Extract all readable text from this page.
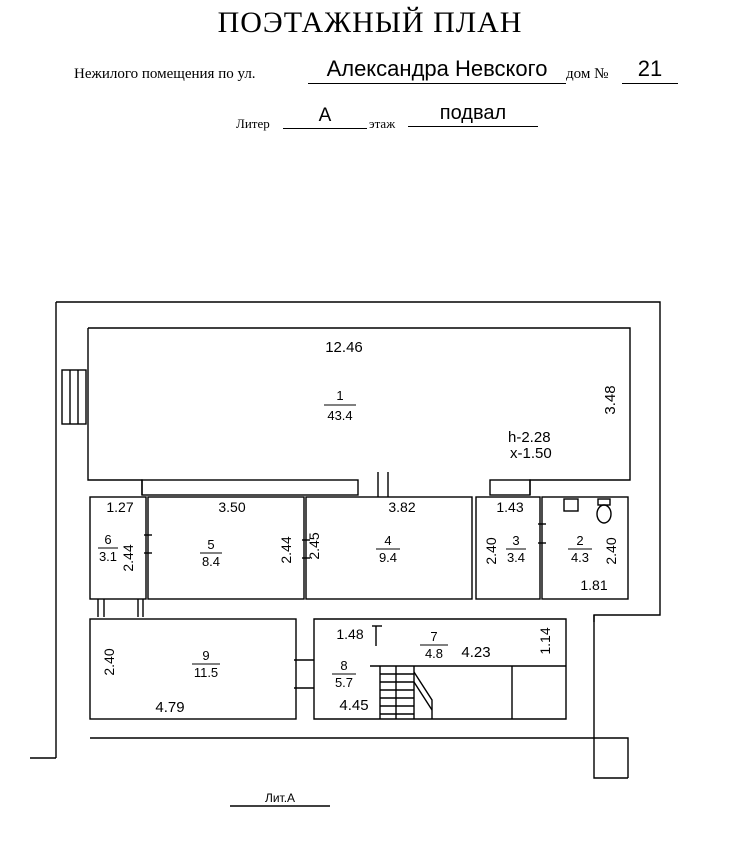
ПОЭТАЖНЫЙ ПЛАН
Нежилого помещения по ул.	Александра Невского	дом №	21
Литер	А	этаж	подвал
1
43.4
2
4.3
3
3.4
4
9.4
5
8.4
6
3.1
7
4.8
8
5.7
9
11.5
h-2.28
x-1.50
12.46
3.48
1.27	3.50	3.82	1.43
2.44	2.44 2.45	2.40	2.40
1.81
2.40
4.79
1.48
4.23	1.14
4.45
Лит.А
